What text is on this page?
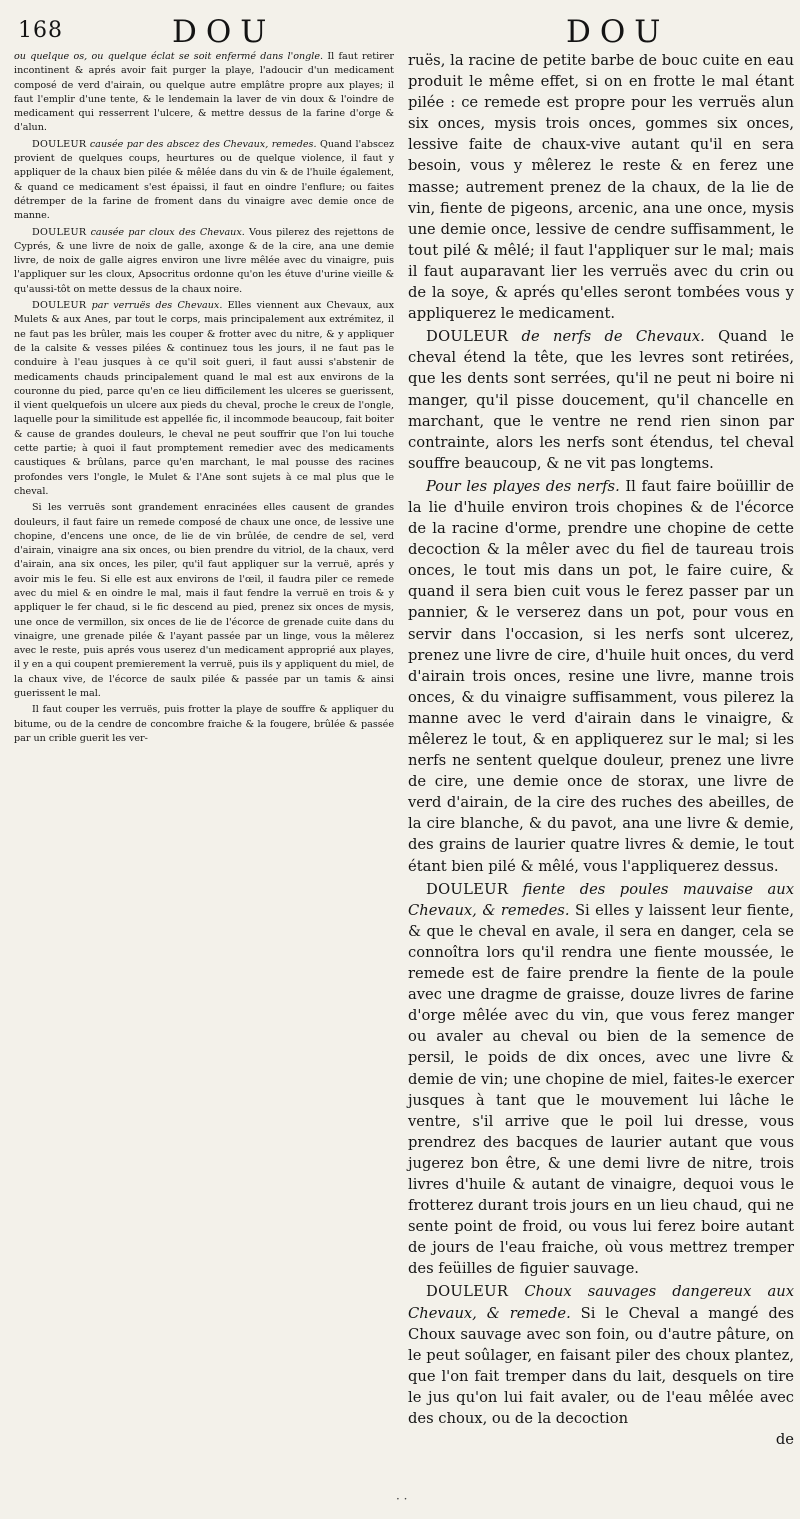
168	DOU	DOU

ou quelque os, ou quelque éclat se soit enfermé dans l'ongle. Il faut retirer incontinent & aprés avoir fait purger la playe, l'adoucir d'un medicament composé de verd d'airain, ou quelque autre emplâtre propre aux playes; il faut l'emplir d'une tente, & le lendemain la laver de vin doux & l'oindre de medicament qui resserrent l'ulcere, & mettre dessus de la farine d'orge & d'alun.

DOULEUR causée par des abscez des Chevaux, remedes. Quand l'abscez provient de quelques coups, heurtures ou de quelque violence, il faut y appliquer de la chaux bien pilée & mêlée dans du vin & de l'huile également, & quand ce medicament s'est épaissi, il faut en oindre l'enflure; ou faites détremper de la farine de froment dans du vinaigre avec demie once de manne.

DOULEUR causée par cloux des Chevaux. Vous pilerez des rejettons de Cyprés, & une livre de noix de galle, axonge & de la cire, ana une demie livre, de noix de galle aigres environ une livre mêlée avec du vinaigre, puis l'appliquer sur les cloux, Apsocritus ordonne qu'on les étuve d'urine vieille & qu'aussi-tôt on mette dessus de la chaux noire.

DOULEUR par verruës des Chevaux. Elles viennent aux Chevaux, aux Mulets & aux Anes, par tout le corps, mais principalement aux extrémitez, il ne faut pas les brûler, mais les couper & frotter avec du nitre, & y appliquer de la calsite & vesses pilées & continuez tous les jours, il ne faut pas le conduire à l'eau jusques à ce qu'il soit gueri, il faut aussi s'abstenir de medicaments chauds principalement quand le mal est aux environs de la couronne du pied, parce qu'en ce lieu difficilement les ulceres se guerissent, il vient quelquefois un ulcere aux pieds du cheval, proche le creux de l'ongle, laquelle pour la similitude est appellée fic, il incommode beaucoup, fait boiter & cause de grandes douleurs, le cheval ne peut souffrir que l'on lui touche cette partie; à quoi il faut promptement remedier avec des medicaments caustiques & brûlans, parce qu'en marchant, le mal pousse des racines profondes vers l'ongle, le Mulet & l'Ane sont sujets à ce mal plus que le cheval.

Si les verruës sont grandement enracinées elles causent de grandes douleurs, il faut faire un remede composé de chaux une once, de lessive une chopine, d'encens une once, de lie de vin brûlée, de cendre de sel, verd d'airain, vinaigre ana six onces, ou bien prendre du vitriol, de la chaux, verd d'airain, ana six onces, les piler, qu'il faut appliquer sur la verruë, aprés y avoir mis le feu. Si elle est aux environs de l'œil, il faudra piler ce remede avec du miel & en oindre le mal, mais il faut fendre la verruë en trois & y appliquer le fer chaud, si le fic descend au pied, prenez six onces de mysis, une once de vermillon, six onces de lie de l'écorce de grenade cuite dans du vinaigre, une grenade pilée & l'ayant passée par un linge, vous la mêlerez avec le reste, puis aprés vous userez d'un medicament approprié aux playes, il y en a qui coupent premierement la verruë, puis ils y appliquent du miel, de la chaux vive, de l'écorce de saulx pilée & passée par un tamis & ainsi guerissent le mal.

Il faut couper les verruës, puis frotter la playe de souffre & appliquer du bitume, ou de la cendre de concombre fraiche & la fougere, brûlée & passée par un crible guerit les ver-

ruës, la racine de petite barbe de bouc cuite en eau produit le même effet, si on en frotte le mal étant pilée : ce remede est propre pour les verruës alun six onces, mysis trois onces, gommes six onces, lessive faite de chaux-vive autant qu'il en sera besoin, vous y mêlerez le reste & en ferez une masse; autrement prenez de la chaux, de la lie de vin, fiente de pigeons, arcenic, ana une once, mysis une demie once, lessive de cendre suffisamment, le tout pilé & mêlé; il faut l'appliquer sur le mal; mais il faut auparavant lier les verruës avec du crin ou de la soye, & aprés qu'elles seront tombées vous y appliquerez le medicament.

DOULEUR de nerfs de Chevaux. Quand le cheval étend la tête, que les levres sont retirées, que les dents sont serrées, qu'il ne peut ni boire ni manger, qu'il pisse doucement, qu'il chancelle en marchant, que le ventre ne rend rien sinon par contrainte, alors les nerfs sont étendus, tel cheval souffre beaucoup, & ne vit pas longtems.

Pour les playes des nerfs. Il faut faire boüillir de la lie d'huile environ trois chopines & de l'écorce de la racine d'orme, prendre une chopine de cette decoction & la mêler avec du fiel de taureau trois onces, le tout mis dans un pot, le faire cuire, & quand il sera bien cuit vous le ferez passer par un pannier, & le verserez dans un pot, pour vous en servir dans l'occasion, si les nerfs sont ulcerez, prenez une livre de cire, d'huile huit onces, du verd d'airain trois onces, resine une livre, manne trois onces, & du vinaigre suffisamment, vous pilerez la manne avec le verd d'airain dans le vinaigre, & mêlerez le tout, & en appliquerez sur le mal; si les nerfs ne sentent quelque douleur, prenez une livre de cire, une demie once de storax, une livre de verd d'airain, de la cire des ruches des abeilles, de la cire blanche, & du pavot, ana une livre & demie, des grains de laurier quatre livres & demie, le tout étant bien pilé & mêlé, vous l'appliquerez dessus.

DOULEUR fiente des poules mauvaise aux Chevaux, & remedes. Si elles y laissent leur fiente, & que le cheval en avale, il sera en danger, cela se connoîtra lors qu'il rendra une fiente moussée, le remede est de faire prendre la fiente de la poule avec une dragme de graisse, douze livres de farine d'orge mêlée avec du vin, que vous ferez manger ou avaler au cheval ou bien de la semence de persil, le poids de dix onces, avec une livre & demie de vin; une chopine de miel, faites-le exercer jusques à tant que le mouvement lui lâche le ventre, s'il arrive que le poil lui dresse, vous prendrez des bacques de laurier autant que vous jugerez bon être, & une demi livre de nitre, trois livres d'huile & autant de vinaigre, dequoi vous le frotterez durant trois jours en un lieu chaud, qui ne sente point de froid, ou vous lui ferez boire autant de jours de l'eau fraiche, où vous mettrez tremper des feüilles de figuier sauvage.

DOULEUR Choux sauvages dangereux aux Chevaux, & remede. Si le Cheval a mangé des Choux sauvage avec son foin, ou d'autre pâture, on le peut soûlager, en faisant piler des choux plantez, que l'on fait tremper dans du lait, desquels on tire le jus qu'on lui fait avaler, ou de l'eau mêlée avec des choux, ou de la decoction

de
· ·
